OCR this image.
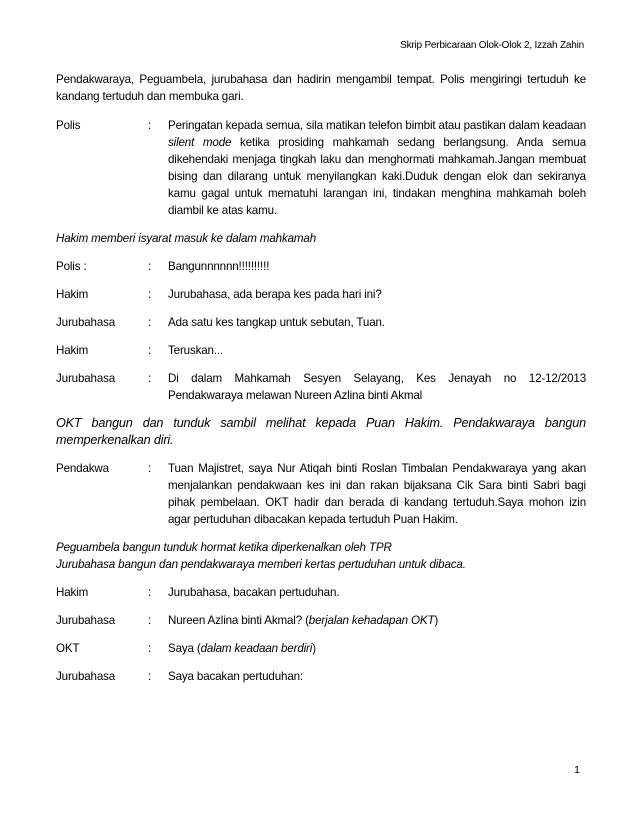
Skrip Perbicaraan Olok-Olok 2, Izzah Zahin

Pendakwaraya, Peguambela, jurubahasa dan hadirin mengambil tempat. Polis mengiringi tertuduh ke kandang tertuduh dan membuka gari.

Polis	:	Peringatan kepada semua, sila matikan telefon bimbit atau pastikan dalam keadaan silent mode ketika prosiding mahkamah sedang berlangsung. Anda semua dikehendaki menjaga tingkah laku dan menghormati mahkamah.Jangan membuat bising dan dilarang untuk menyilangkan kaki.Duduk dengan elok dan sekiranya kamu gagal untuk mematuhi larangan ini, tindakan menghina mahkamah boleh diambil ke atas kamu.
Hakim memberi isyarat masuk ke dalam mahkamah
Polis :	:	Bangunnnnnn!!!!!!!!!!
Hakim	:	Jurubahasa, ada berapa kes pada hari ini?
Jurubahasa	:	Ada satu kes tangkap untuk sebutan, Tuan.
Hakim	:	Teruskan...
Jurubahasa	:	Di dalam Mahkamah Sesyen Selayang, Kes Jenayah no 12-12/2013 Pendakwaraya melawan Nureen Azlina binti Akmal
OKT bangun dan tunduk sambil melihat kepada Puan Hakim. Pendakwaraya bangun memperkenalkan diri.
Pendakwa	:	Tuan Majistret, saya Nur Atiqah binti Roslan Timbalan Pendakwaraya yang akan menjalankan pendakwaan kes ini dan rakan bijaksana Cik Sara binti Sabri bagi pihak pembelaan. OKT hadir dan berada di kandang tertuduh.Saya mohon izin agar pertuduhan dibacakan kepada tertuduh Puan Hakim.
Peguambela bangun tunduk hormat ketika diperkenalkan oleh TPR
Jurubahasa bangun dan pendakwaraya memberi kertas pertuduhan untuk dibaca.
Hakim	:	Jurubahasa, bacakan pertuduhan.
Jurubahasa	:	Nureen Azlina binti Akmal? (berjalan kehadapan OKT)
OKT	:	Saya (dalam keadaan berdiri)
Jurubahasa	:	Saya bacakan pertuduhan:
1
